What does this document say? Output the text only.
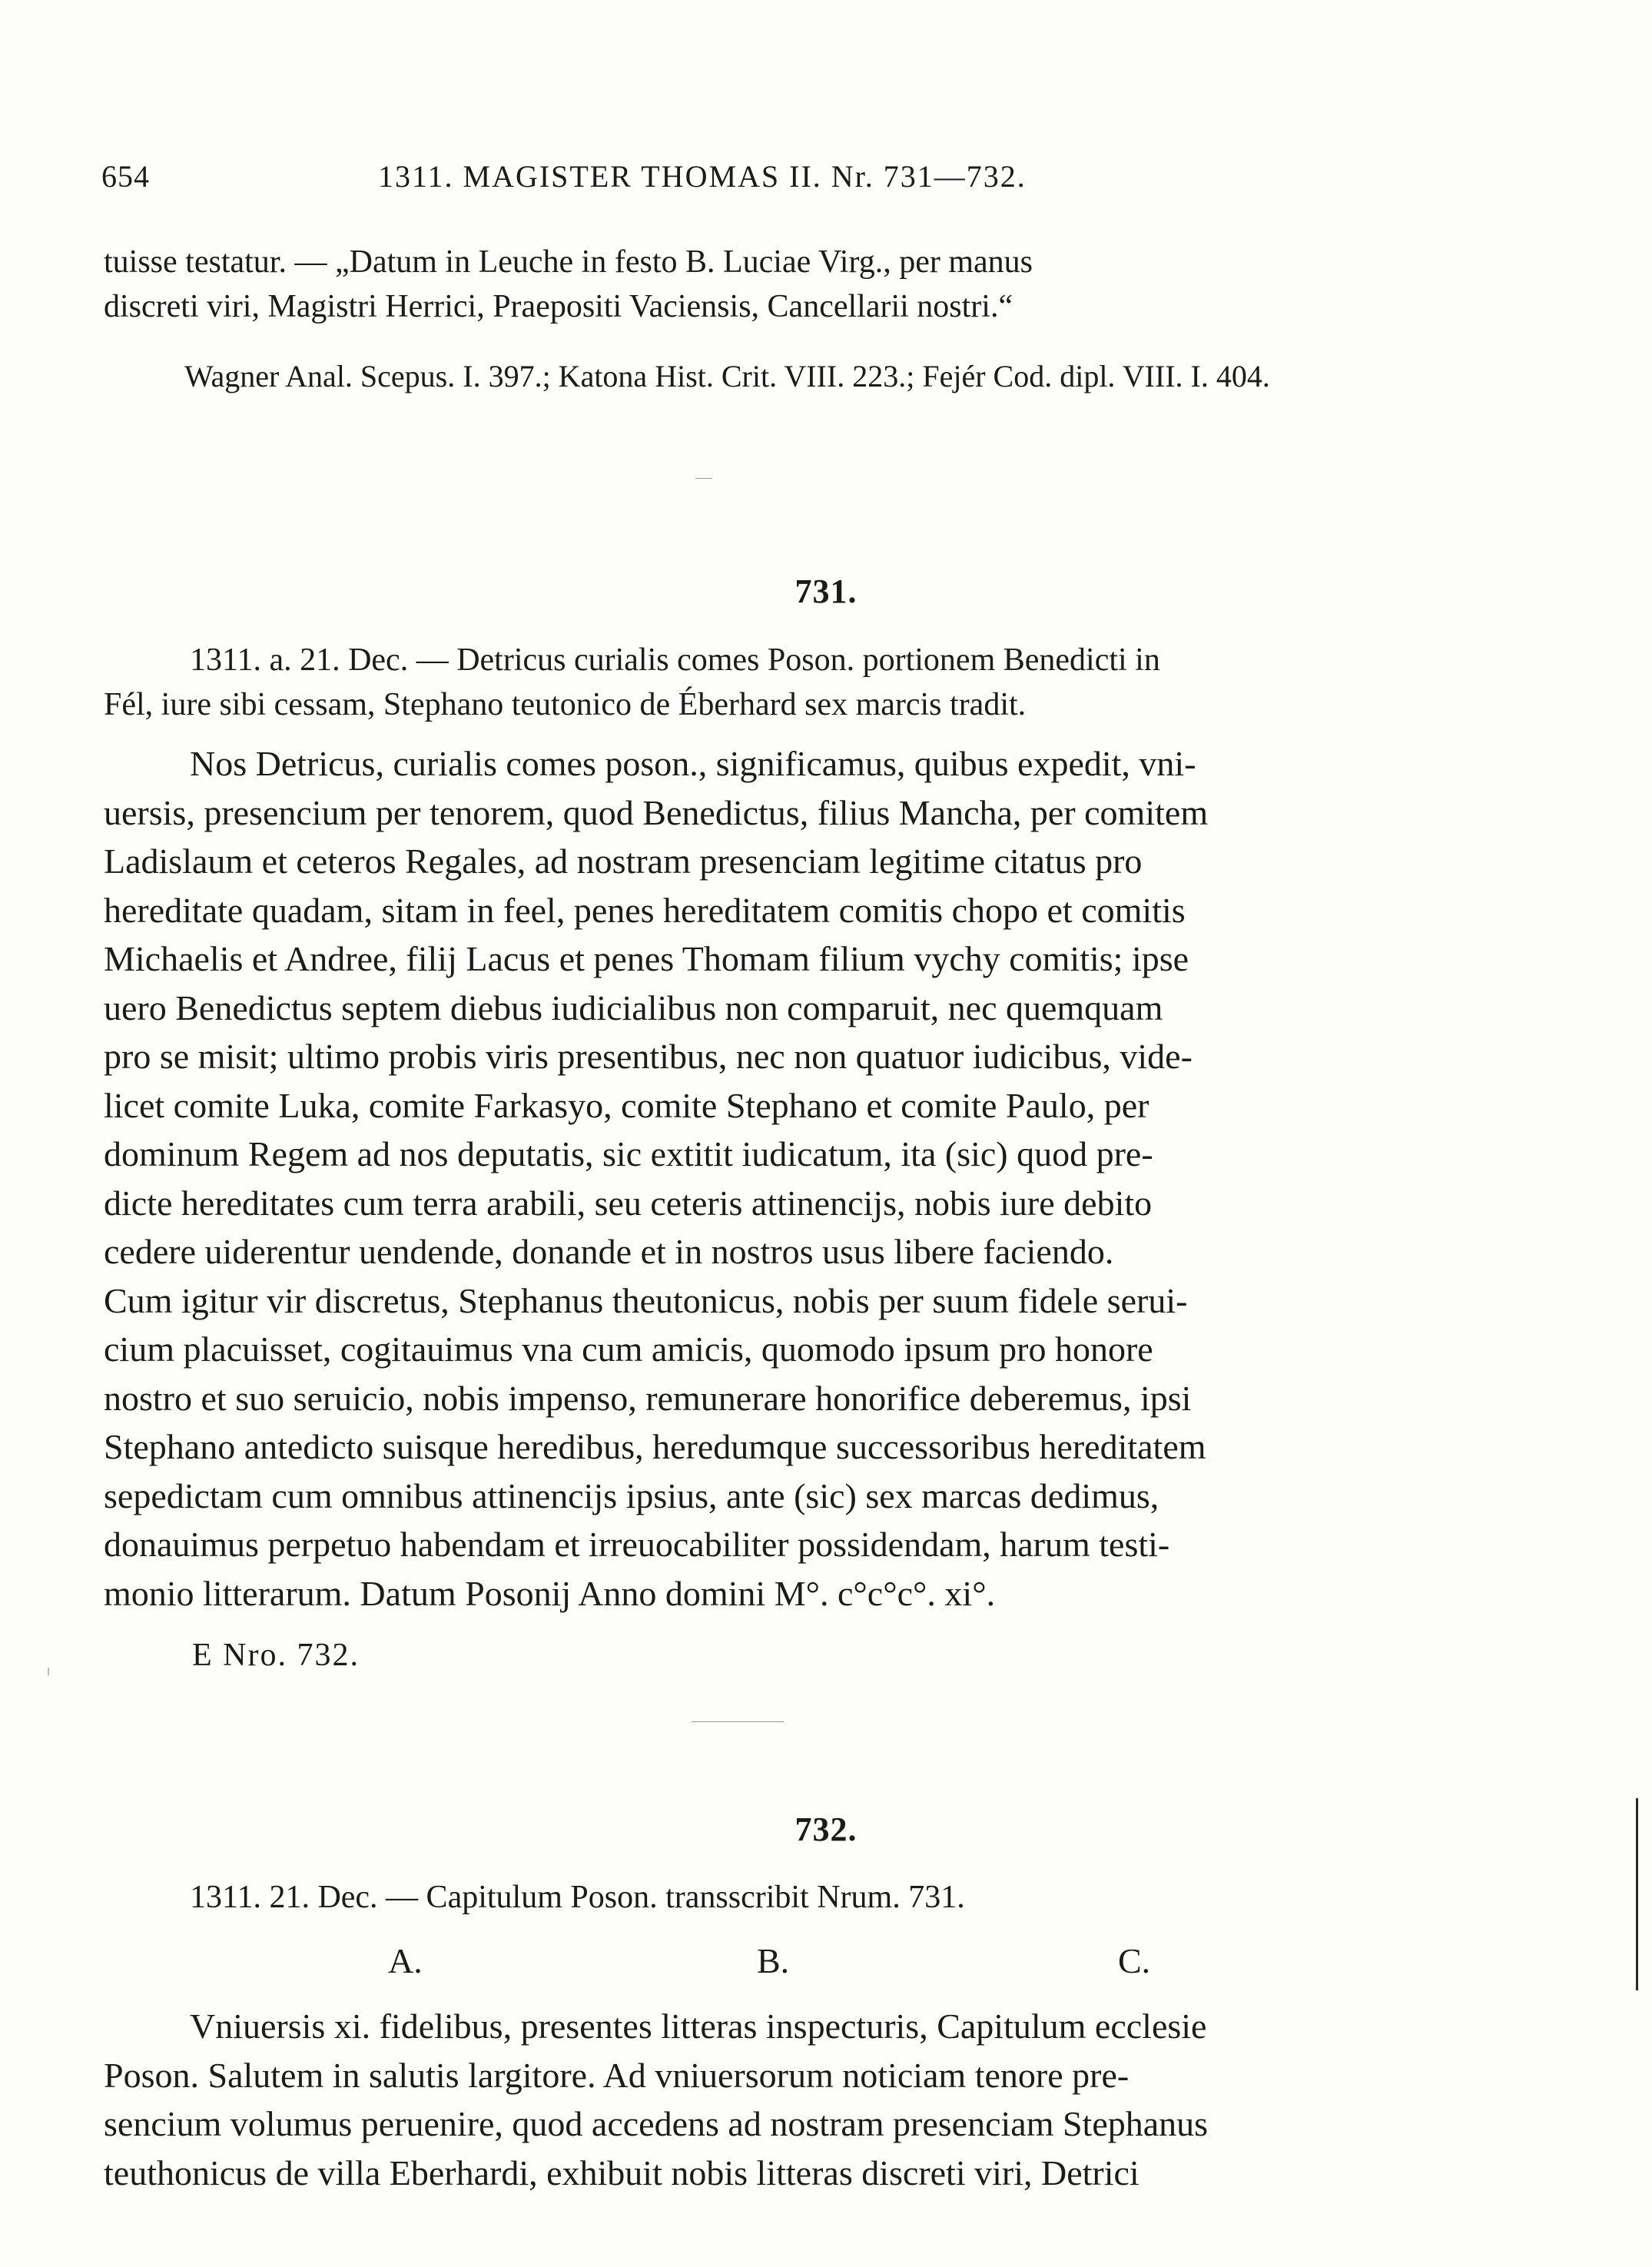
654	1311. MAGISTER THOMAS II. Nr. 731—732.

tuisse testatur. — „Datum in Leuche in festo B. Luciae Virg., per manus

discreti viri, Magistri Herrici, Praepositi Vaciensis, Cancellarii nostri.“

Wagner Anal. Scepus. I. 397.; Katona Hist. Crit. VIII. 223.; Fejér Cod. dipl. VIII. I. 404.

731.

1311. a. 21. Dec. — Detricus curialis comes Poson. portionem Benedicti in

Fél, iure sibi cessam, Stephano teutonico de Éberhard sex marcis tradit.

Nos Detricus, curialis comes poson., significamus, quibus expedit, vni-

uersis, presencium per tenorem, quod Benedictus, filius Mancha, per comitem

Ladislaum et ceteros Regales, ad nostram presenciam legitime citatus pro

hereditate quadam, sitam in feel, penes hereditatem comitis chopo et comitis

Michaelis et Andree, filij Lacus et penes Thomam filium vychy comitis; ipse

uero Benedictus septem diebus iudicialibus non comparuit, nec quemquam

pro se misit; ultimo probis viris presentibus, nec non quatuor iudicibus, vide-

licet comite Luka, comite Farkasyo, comite Stephano et comite Paulo, per

dominum Regem ad nos deputatis, sic extitit iudicatum, ita (sic) quod pre-

dicte hereditates cum terra arabili, seu ceteris attinencijs, nobis iure debito

cedere uiderentur uendende, donande et in nostros usus libere faciendo.

Cum igitur vir discretus, Stephanus theutonicus, nobis per suum fidele serui-

cium placuisset, cogitauimus vna cum amicis, quomodo ipsum pro honore

nostro et suo seruicio, nobis impenso, remunerare honorifice deberemus, ipsi

Stephano antedicto suisque heredibus, heredumque successoribus hereditatem

sepedictam cum omnibus attinencijs ipsius, ante (sic) sex marcas dedimus,

donauimus perpetuo habendam et irreuocabiliter possidendam, harum testi-

monio litterarum. Datum Posonij Anno domini M°. c°c°c°. xi°.

E Nro. 732.
732.

1311. 21. Dec. — Capitulum Poson. transscribit Nrum. 731.

A.	B.	C.

Vniuersis xi. fidelibus, presentes litteras inspecturis, Capitulum ecclesie

Poson. Salutem in salutis largitore. Ad vniuersorum noticiam tenore pre-

sencium volumus peruenire, quod accedens ad nostram presenciam Stephanus

teuthonicus de villa Eberhardi, exhibuit nobis litteras discreti viri, Detrici
